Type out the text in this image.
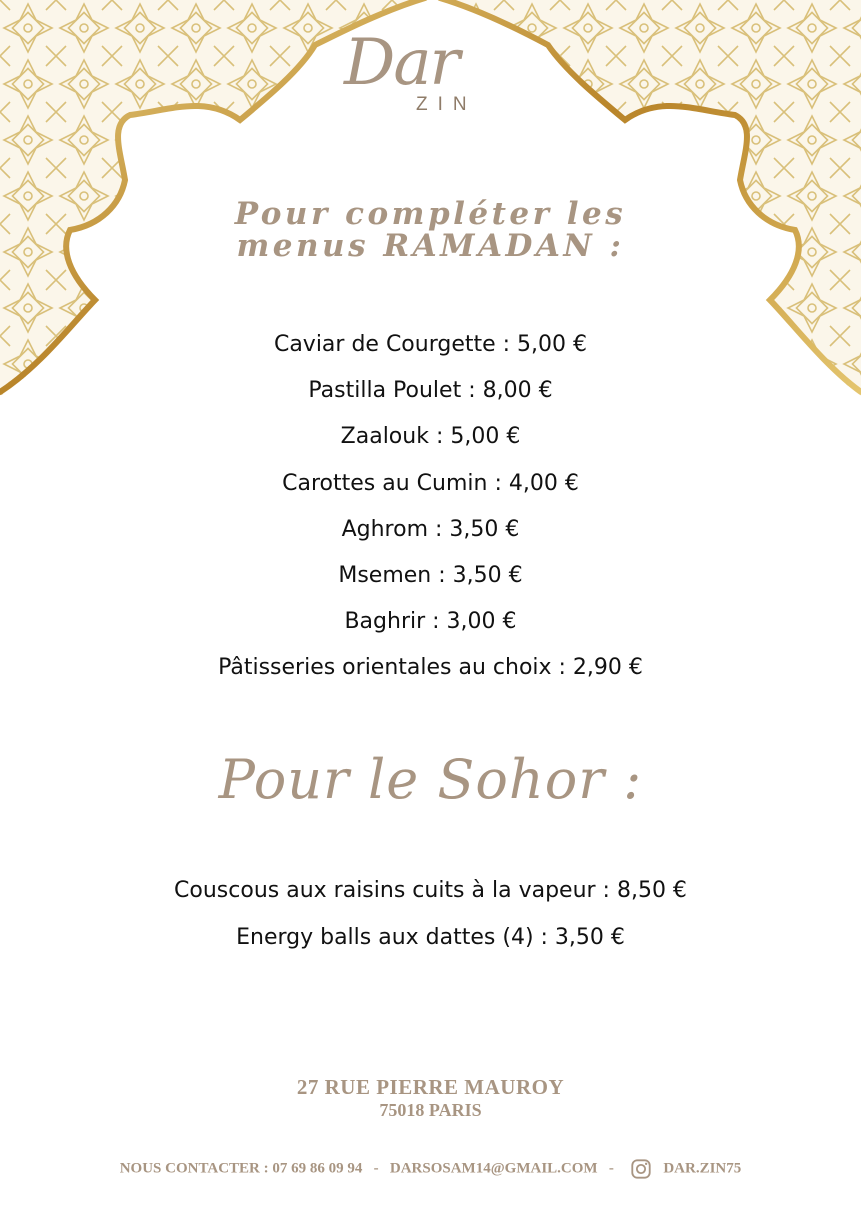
Dar
ZIN
Pour compléter les
menus RAMADAN :
Caviar de Courgette : 5,00 €
Pastilla Poulet : 8,00 €
Zaalouk : 5,00 €
Carottes au Cumin : 4,00 €
Aghrom : 3,50 €
Msemen : 3,50 €
Baghrir : 3,00 €
Pâtisseries orientales au choix : 2,90 €
Pour le Sohor :
Couscous aux raisins cuits à la vapeur : 8,50 €
Energy balls aux dattes (4) : 3,50 €
27 RUE PIERRE MAUROY
75018 PARIS
NOUS CONTACTER : 07 69 86 09 94 - DARSOSAM14@GMAIL.COM -	DAR.ZIN75
